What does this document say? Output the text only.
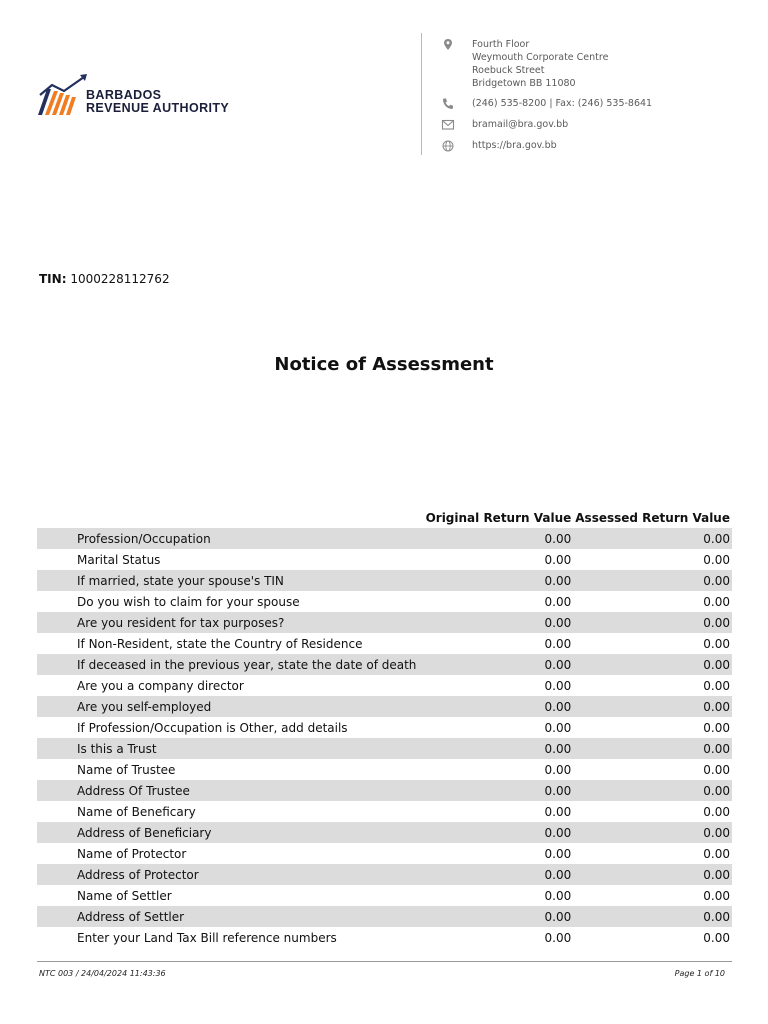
BARBADOS
REVENUE AUTHORITY
Fourth Floor
Weymouth Corporate Centre
Roebuck Street
Bridgetown BB 11080
(246) 535-8200 | Fax: (246) 535-8641
bramail@bra.gov.bb
https://bra.gov.bb
TIN: 1000228112762
Notice of Assessment
	Original Return Value	Assessed Return Value
Profession/Occupation	0.00	0.00
Marital Status	0.00	0.00
If married, state your spouse's TIN	0.00	0.00
Do you wish to claim for your spouse	0.00	0.00
Are you resident for tax purposes?	0.00	0.00
If Non-Resident, state the Country of Residence	0.00	0.00
If deceased in the previous year, state the date of death	0.00	0.00
Are you a company director	0.00	0.00
Are you self-employed	0.00	0.00
If Profession/Occupation is Other, add details	0.00	0.00
Is this a Trust	0.00	0.00
Name of Trustee	0.00	0.00
Address Of Trustee	0.00	0.00
Name of Beneficary	0.00	0.00
Address of Beneficiary	0.00	0.00
Name of Protector	0.00	0.00
Address of Protector	0.00	0.00
Name of Settler	0.00	0.00
Address of Settler	0.00	0.00
Enter your Land Tax Bill reference numbers	0.00	0.00
NTC 003 / 24/04/2024 11:43:36	Page 1 of 10
